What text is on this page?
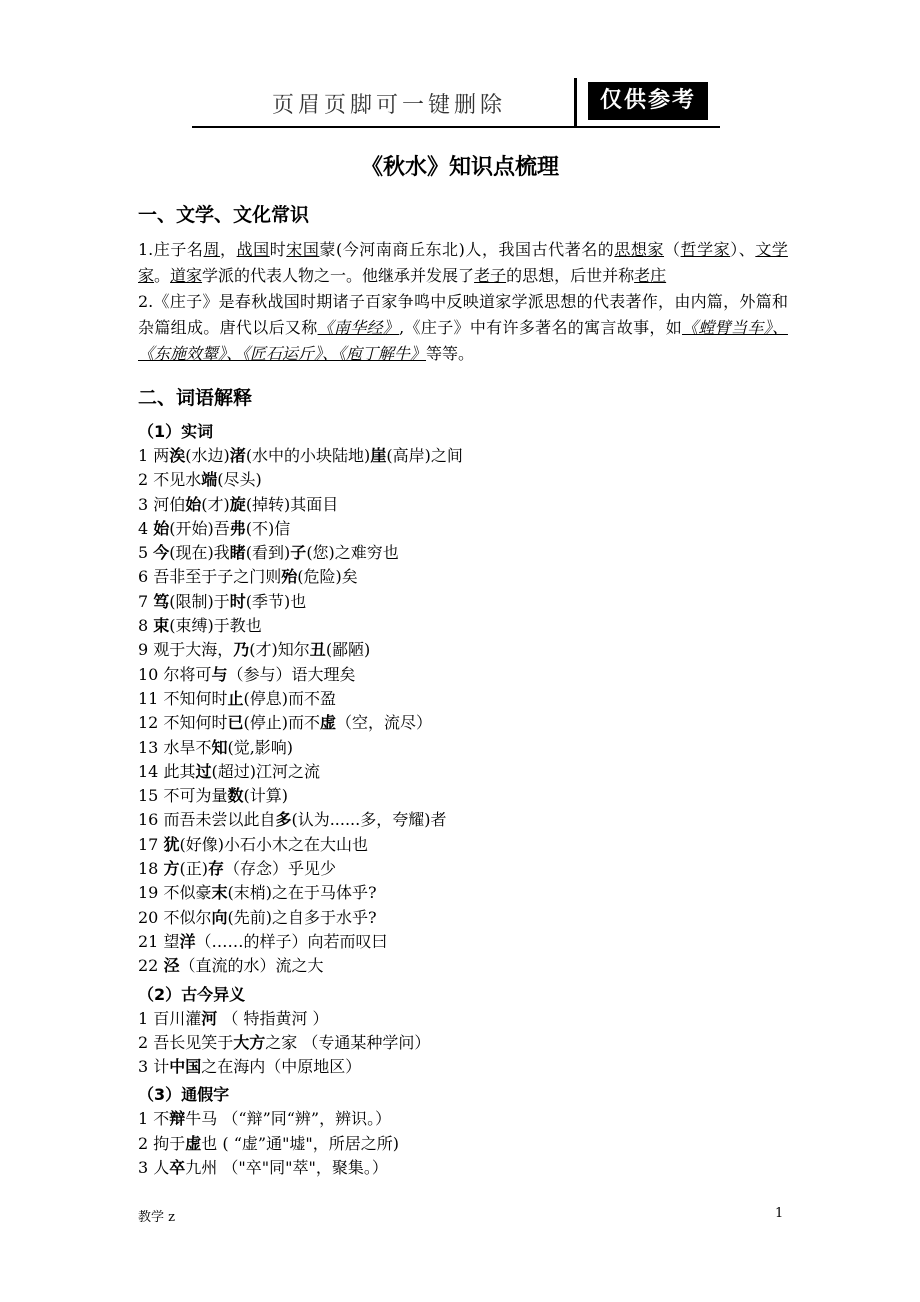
页眉页脚可一键删除	仅供参考
《秋水》知识点梳理
一、文学、文化常识

1.庄子名周，战国时宋国蒙(今河南商丘东北)人，我国古代著名的思想家（哲学家）、文学家。道家学派的代表人物之一。他继承并发展了老子的思想，后世并称老庄

2.《庄子》是春秋战国时期诸子百家争鸣中反映道家学派思想的代表著作，由内篇，外篇和杂篇组成。唐代以后又称《南华经》,《庄子》中有许多著名的寓言故事，如《螳臂当车》、《东施效颦》、《匠石运斤》、《庖丁解牛》等等。

二、词语解释
（1）实词
1 两涘(水边)渚(水中的小块陆地)崖(高岸)之间
2 不见水端(尽头)
3 河伯始(才)旋(掉转)其面目
4 始(开始)吾弗(不)信
5 今(现在)我睹(看到)子(您)之难穷也
6 吾非至于子之门则殆(危险)矣
7 笃(限制)于时(季节)也
8 束(束缚)于教也
9 观于大海，乃(才)知尔丑(鄙陋)
10 尔将可与（参与）语大理矣
11 不知何时止(停息)而不盈
12 不知何时已(停止)而不虚（空，流尽）
13 水旱不知(觉,影响)
14 此其过(超过)江河之流
15 不可为量数(计算)
16 而吾未尝以此自多(认为......多，夸耀)者
17 犹(好像)小石小木之在大山也
18 方(正)存（存念）乎见少
19 不似豪末(末梢)之在于马体乎?
20 不似尔向(先前)之自多于水乎?
21 望洋（……的样子）向若而叹曰
22 泾（直流的水）流之大
（2）古今异义
1 百川灌河 （ 特指黄河 ）
2 吾长见笑于大方之家 （专通某种学问）
3 计中国之在海内（中原地区）
（3）通假字
1 不辩牛马 （“辩”同“辨”，辨识。）
2 拘于虚也 ( “虚”通"墟"，所居之所)
3 人卒九州 （"卒"同"萃"，聚集。）
教学 z	1
